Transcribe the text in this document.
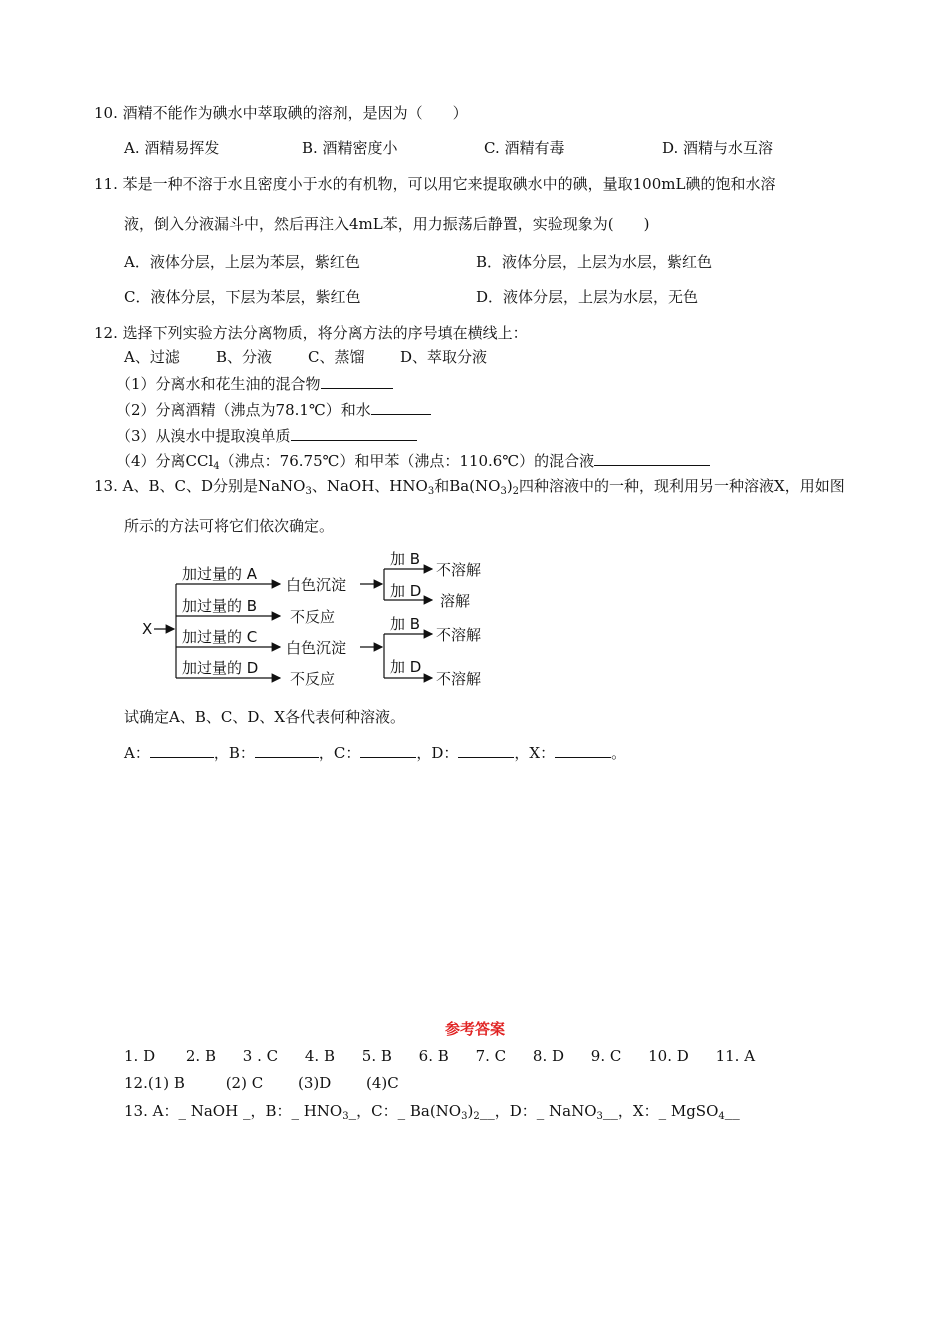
10. 酒精不能作为碘水中萃取碘的溶剂，是因为（　　）
A. 酒精易挥发	B. 酒精密度小	C. 酒精有毒	D. 酒精与水互溶
11. 苯是一种不溶于水且密度小于水的有机物，可以用它来提取碘水中的碘，量取100mL碘的饱和水溶
液，倒入分液漏斗中，然后再注入4mL苯，用力振荡后静置，实验现象为(　　)
A．液体分层，上层为苯层，紫红色	B．液体分层，上层为水层，紫红色
C．液体分层，下层为苯层，紫红色	D．液体分层，上层为水层，无色
12. 选择下列实验方法分离物质，将分离方法的序号填在横线上：
A、过滤 B、分液 C、蒸馏 D、萃取分液
（1）分离水和花生油的混合物
（2）分离酒精（沸点为78.1℃）和水
（3）从溴水中提取溴单质
（4）分离CCl$_4$（沸点：76.75℃）和甲苯（沸点：110.6℃）的混合液
13. A、B、C、D分别是NaNO$_3$、NaOH、$HNO_3$和$Ba(NO_3)_2$四种溶液中的一种，现利用另一种溶液X，用如图
所示的方法可将它们依次确定。
X
加过量的 A
加过量的 B
加过量的 C
加过量的 D
白色沉淀
不反应
白色沉淀
不反应
加 B
加 D
不溶解
溶解
加 B
加 D
不溶解
不溶解
试确定A、B、C、D、X各代表何种溶液。
A：	，B：	，C：	，D：	，X：	。
参考答案
1. D 2. B 3 . C 4. B 5. B 6. B 7. C 8. D 9. C 10. D 11. A
12.(1) B	(2) C (3)D (4)C
13. A：_ NaOH _，B：_ $HNO_3\_$，C：_ $Ba(NO_3)_2\_\_$，D：_ NaNO$_3$__，X：_ MgSO$_4$__
